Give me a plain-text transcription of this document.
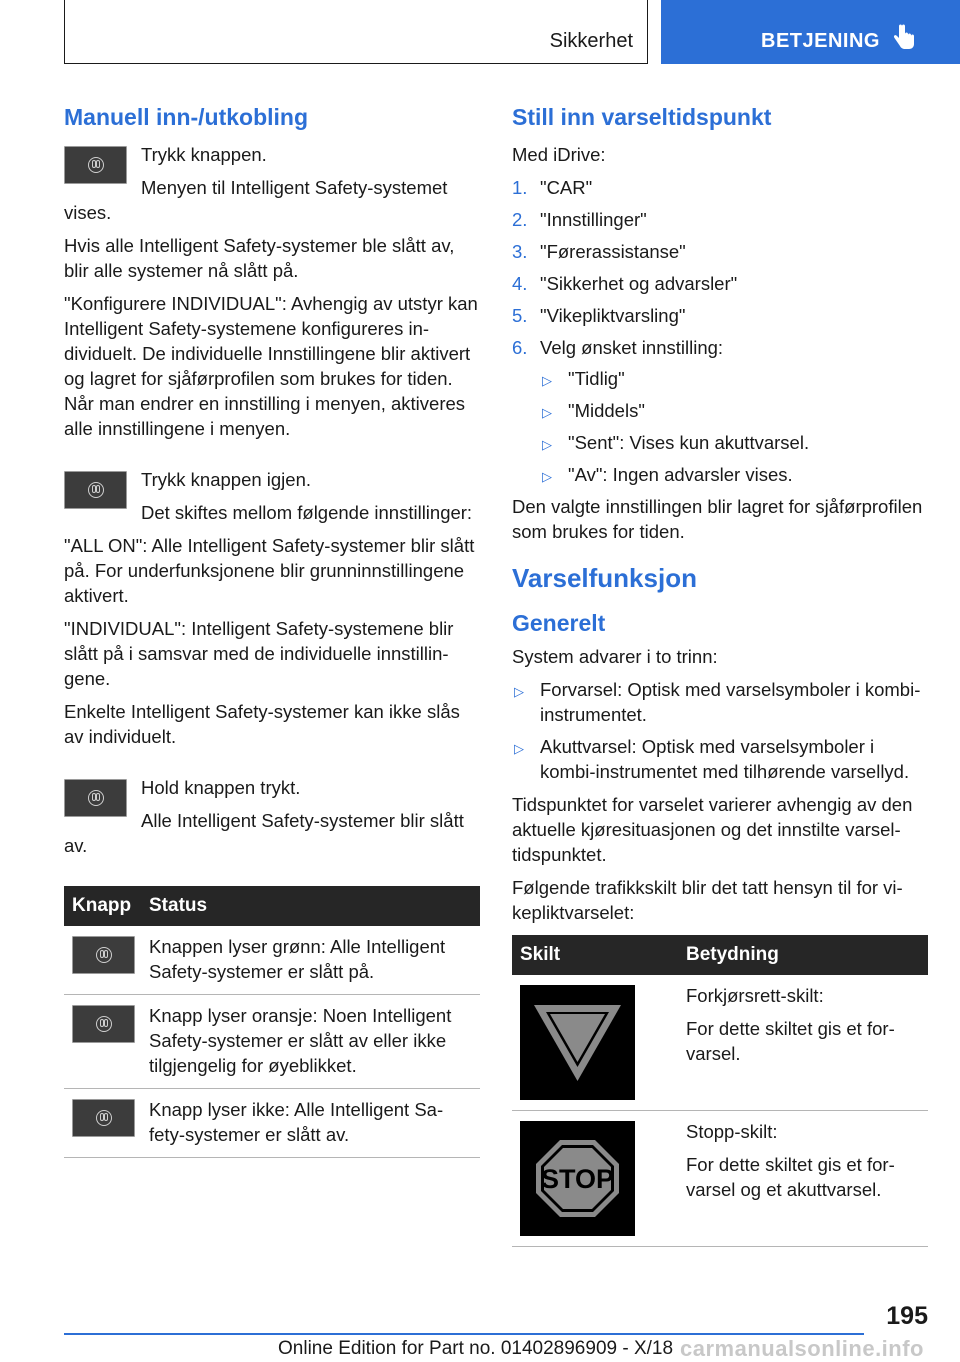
Sikkerhet	BETJENING
Manuell inn-/utkobling

Trykk knappen.

Menyen til Intelligent Safety-systemet vises.

Hvis alle Intelligent Safety-systemer ble slått av, blir alle systemer nå slått på.

"Konfigurere INDIVIDUAL": Avhengig av utstyr kan Intelligent Safety-systemene konfigureres individuelt. De individuelle Innstillingene blir aktivert og lagret for sjåførprofilen som brukes for tiden. Når man endrer en innstilling i menyen, aktiveres alle innstillingene i menyen.

Trykk knappen igjen.

Det skiftes mellom følgende innstillinger:

"ALL ON": Alle Intelligent Safety-systemer blir slått på. For underfunksjonene blir grunninnstillingene aktivert.

"INDIVIDUAL": Intelligent Safety-systemene blir slått på i samsvar med de individuelle innstillingene.

Enkelte Intelligent Safety-systemer kan ikke slås av individuelt.

Hold knappen trykt.

Alle Intelligent Safety-systemer blir slått av.

Knapp	Status

	Knappen lyser grønn: Alle Intelligent Safety-systemer er slått på.

	Knapp lyser oransje: Noen Intelligent Safety-systemer er slått av eller ikke tilgjengelig for øyeblikket.

	Knapp lyser ikke: Alle Intelligent Safety-systemer er slått av.
Still inn varseltidspunkt

Med iDrive:

1. "CAR"
2. "Innstillinger"
3. "Førerassistanse"
4. "Sikkerhet og advarsler"
5. "Vikepliktvarsling"
6. Velg ønsket innstilling:
▷ "Tidlig"
▷ "Middels"
▷ "Sent": Vises kun akuttvarsel.
▷ "Av": Ingen advarsler vises.

Den valgte innstillingen blir lagret for sjåførprofilen som brukes for tiden.

Varselfunksjon
Generelt

System advarer i to trinn:

▷ Forvarsel: Optisk med varselsymboler i kombi-instrumentet.
▷ Akuttvarsel: Optisk med varselsymboler i kombi-instrumentet med tilhørende varsellyd.

Tidspunktet for varselet varierer avhengig av den aktuelle kjøresituasjonen og det innstilte varseltidspunktet.

Følgende trafikkskilt blir det tatt hensyn til for vikepliktvarselet:

Skilt	Betydning

Forkjørsrett-skilt:

For dette skiltet gis et forvarsel.

STOP	Stopp-skilt:

For dette skiltet gis et forvarsel og et akuttvarsel.

195
Online Edition for Part no. 01402896909 - X/18 carmanualsonline.info
